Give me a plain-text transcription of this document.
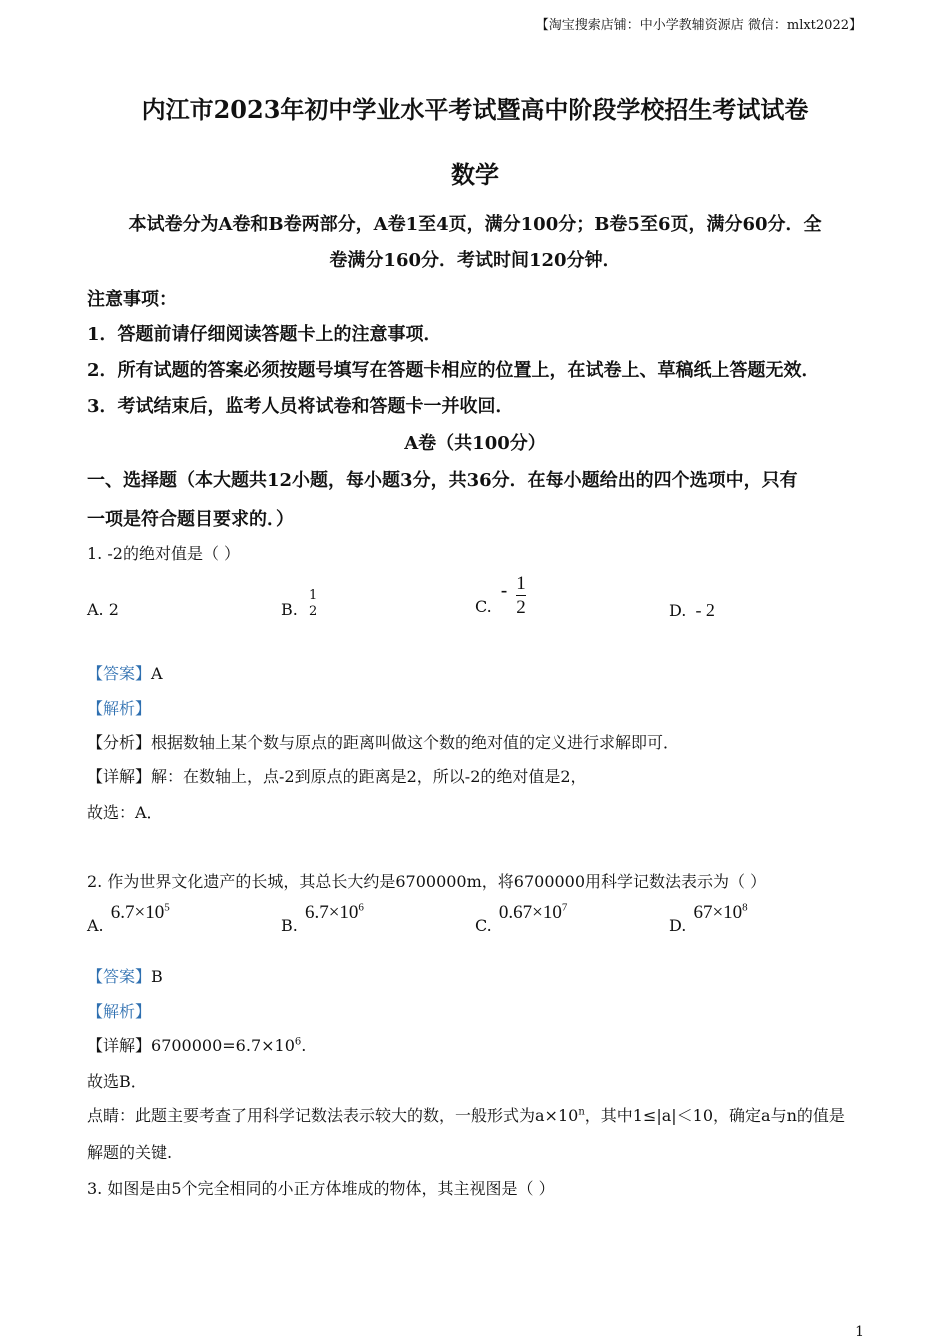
【淘宝搜索店铺：中小学教辅资源店 微信：mlxt2022】
内江市2023年初中学业水平考试暨高中阶段学校招生考试试卷
数学
本试卷分为A卷和B卷两部分，A卷1至4页，满分100分；B卷5至6页，满分60分．全
卷满分160分．考试时间120分钟．
注意事项：
1．答题前请仔细阅读答题卡上的注意事项．
2．所有试题的答案必须按题号填写在答题卡相应的位置上，在试卷上、草稿纸上答题无效．
3．考试结束后，监考人员将试卷和答题卡一并收回．
A卷（共100分）
一、选择题（本大题共12小题，每小题3分，共36分．在每小题给出的四个选项中，只有
一项是符合题目要求的．）
1. -2的绝对值是（ ）
A. 2	B.
1
2	C. - $\frac{1}{2}$	D. - 2
【答案】A
【解析】
【分析】根据数轴上某个数与原点的距离叫做这个数的绝对值的定义进行求解即可．
【详解】解：在数轴上，点-2到原点的距离是2，所以-2的绝对值是2，
故选：A．
2. 作为世界文化遗产的长城，其总长大约是6700000m，将6700000用科学记数法表示为（ ）
A. $6.7\times 10^5$
B. $6.7\times 10^6$
C. $0.67\times 10^7$
D. $67\times 10^8$
【答案】B
【解析】
【详解】$6700000=6.7\times 10^6$.
故选B．
点睛：此题主要考查了用科学记数法表示较大的数，一般形式为$a\times 10^n$，其中1≤|a|＜10，确定a与n的值是
解题的关键.
3. 如图是由5个完全相同的小正方体堆成的物体，其主视图是（ ）
1
